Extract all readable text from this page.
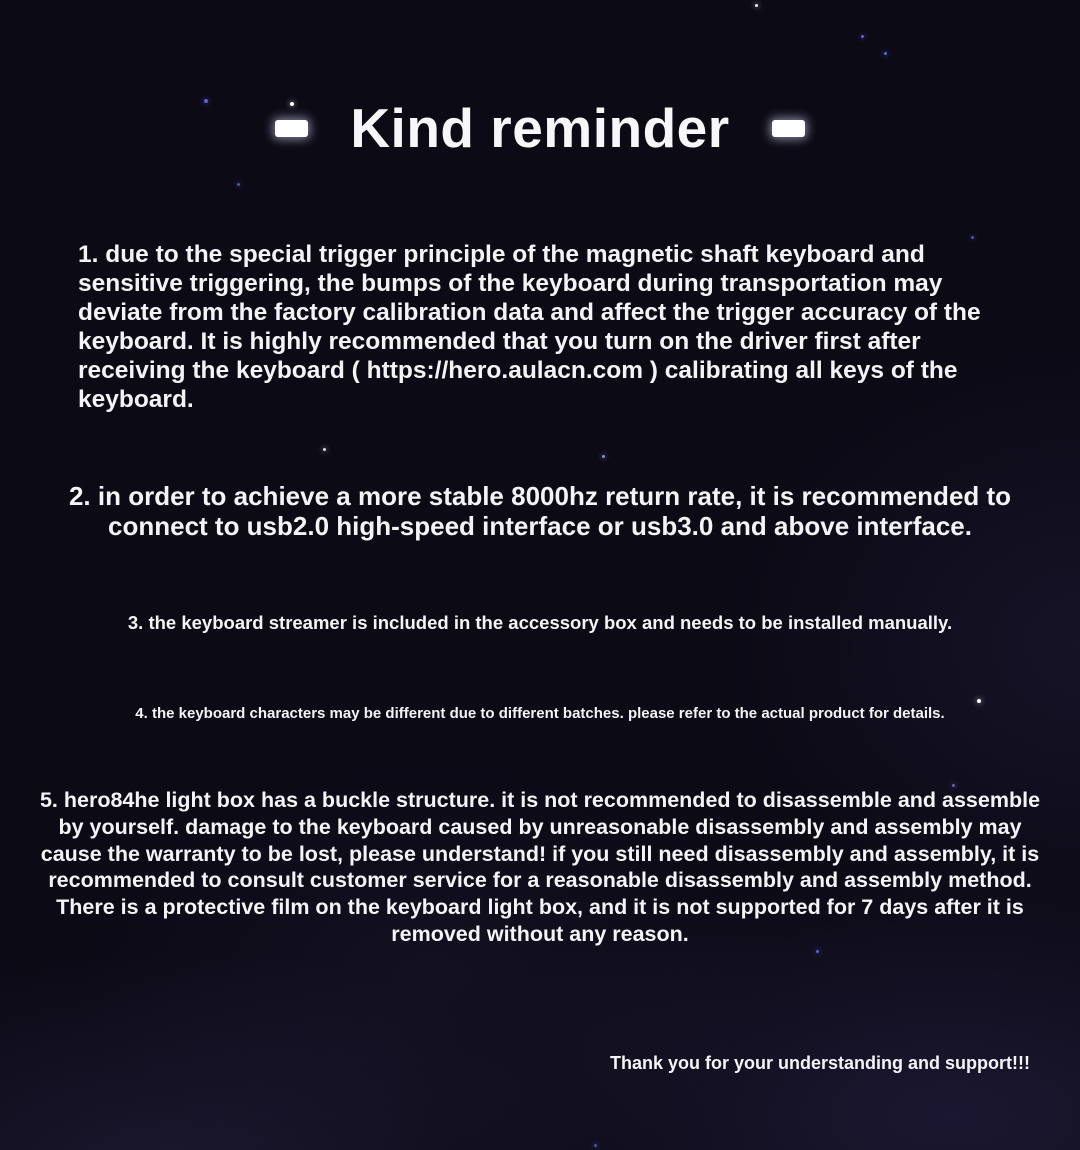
Kind reminder

1. due to the special trigger principle of the magnetic shaft keyboard and sensitive triggering, the bumps of the keyboard during transportation may deviate from the factory calibration data and affect the trigger accuracy of the keyboard. It is highly recommended that you turn on the driver first after receiving the keyboard ( https://hero.aulacn.com ) calibrating all keys of the keyboard.

2. in order to achieve a more stable 8000hz return rate, it is recommended to connect to usb2.0 high-speed interface or usb3.0 and above interface.

3. the keyboard streamer is included in the accessory box and needs to be installed manually.

4. the keyboard characters may be different due to different batches. please refer to the actual product for details.

5. hero84he light box has a buckle structure. it is not recommended to disassemble and assemble by yourself. damage to the keyboard caused by unreasonable disassembly and assembly may cause the warranty to be lost, please understand! if you still need disassembly and assembly, it is recommended to consult customer service for a reasonable disassembly and assembly method. There is a protective film on the keyboard light box, and it is not supported for 7 days after it is removed without any reason.

Thank you for your understanding and support!!!
